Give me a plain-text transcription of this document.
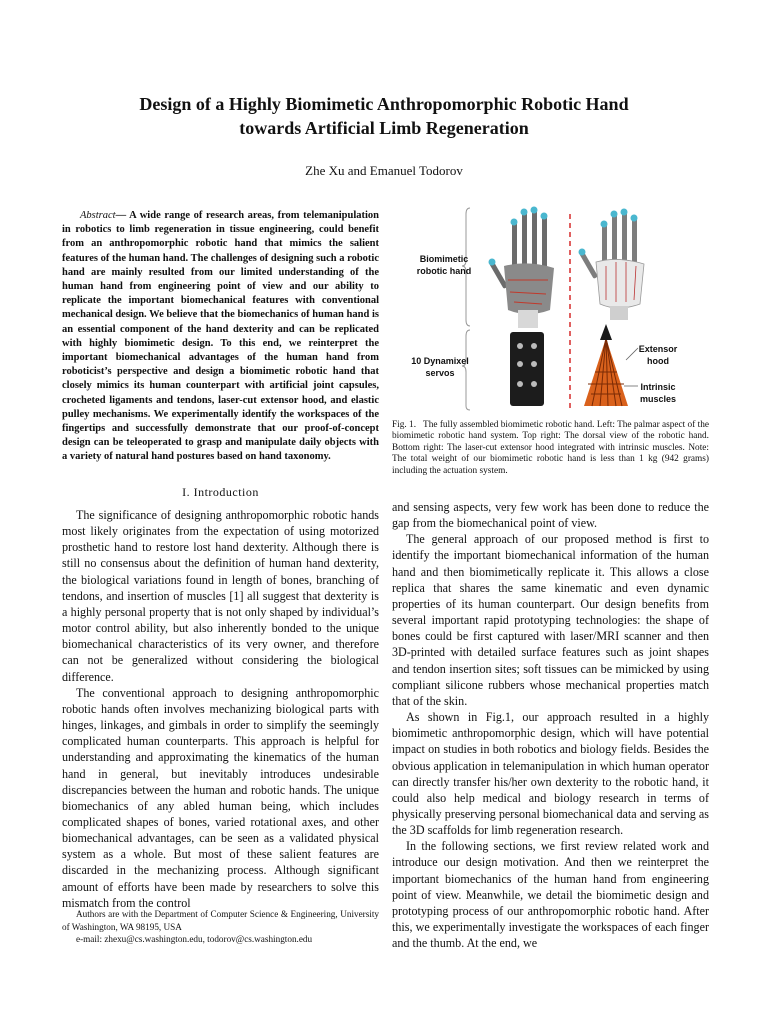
Design of a Highly Biomimetic Anthropomorphic Robotic Hand
towards Artificial Limb Regeneration
Zhe Xu and Emanuel Todorov

Abstract— A wide range of research areas, from telemanipulation in robotics to limb regeneration in tissue engineering, could benefit from an anthropomorphic robotic hand that mimics the salient features of the human hand. The challenges of designing such a robotic hand are mainly resulted from our limited understanding of the human hand from engineering point of view and our ability to replicate the important biomechanical features with conventional mechanical design. We believe that the biomechanics of human hand is an essential component of the hand dexterity and can be replicated with highly biomimetic design. To this end, we reinterpret the important biomechanical advantages of the human hand from roboticist’s perspective and design a biomimetic robotic hand that closely mimics its human counterpart with artificial joint capsules, crocheted ligaments and tendons, laser-cut extensor hood, and elastic pulley mechanisms. We experimentally identify the workspaces of the fingertips and successfully demonstrate that our proof-of-concept design can be teleoperated to grasp and manipulate daily objects with a variety of natural hand postures based on hand taxonomy.

I. Introduction

The significance of designing anthropomorphic robotic hands most likely originates from the expectation of using motorized prosthetic hand to restore lost hand dexterity. Although there is still no consensus about the definition of human hand dexterity, the biological variations found in length of bones, branching of tendons, and insertion of muscles [1] all suggest that dexterity is a highly personal property that is not only shaped by individual’s motor control ability, but also inherently bonded to the unique biomechanical characteristics of its very owner, and therefore can not be generalized without considering the biological difference.

The conventional approach to designing anthropomorphic robotic hands often involves mechanizing biological parts with hinges, linkages, and gimbals in order to simplify the seemingly complicated human counterparts. This approach is helpful for understanding and approximating the kinematics of the human hand in general, but inevitably introduces undesirable discrepancies between the human and robotic hands. The unique biomechanics of any abled human being, which includes complicated shapes of bones, varied rotational axes, and other biomechanical advantages, can be seen as a validated physical system as a whole. But most of these salient features are discarded in the mechanizing process. Although significant amount of efforts have been made by researchers to solve this mismatch from the control

Authors are with the Department of Computer Science & Engineering, University of Washington, WA 98195, USA

e-mail: zhexu@cs.washington.edu, todorov@cs.washington.edu

Biomimetic
robotic hand
10 Dynamixel
servos
Extensor
hood
Intrinsic
muscles
Fig. 1. The fully assembled biomimetic robotic hand. Left: The palmar aspect of the biomimetic robotic hand system. Top right: The dorsal view of the robotic hand. Bottom right: The laser-cut extensor hood integrated with intrinsic muscles. Note: The total weight of our biomimetic robotic hand is less than 1 kg (942 grams) including the actuation system.

and sensing aspects, very few work has been done to reduce the gap from the biomechanical point of view.

The general approach of our proposed method is first to identify the important biomechanical information of the human hand and then biomimetically replicate it. This allows a close replica that shares the same kinematic and even dynamic properties of its human counterpart. Our design benefits from several important rapid prototyping technologies: the shape of bones could be first captured with laser/MRI scanner and then 3D-printed with detailed surface features such as joint shapes and tendon insertion sites; soft tissues can be mimicked by using compliant silicone rubbers whose mechanical properties match that of the skin.

As shown in Fig.1, our approach resulted in a highly biomimetic anthropomorphic design, which will have potential impact on studies in both robotics and biology fields. Besides the obvious application in telemanipulation in which human operator can directly transfer his/her own dexterity to the robotic hand, it could also help medical and biology research in terms of physically preserving personal biomechanical data and serving as the 3D scaffolds for limb regeneration research.

In the following sections, we first review related work and introduce our design motivation. And then we reinterpret the important biomechanics of the human hand from engineering point of view. Meanwhile, we detail the biomimetic design and prototyping process of our anthropomorphic robotic hand. After this, we experimentally investigate the workspaces of each finger and the thumb. At the end, we
